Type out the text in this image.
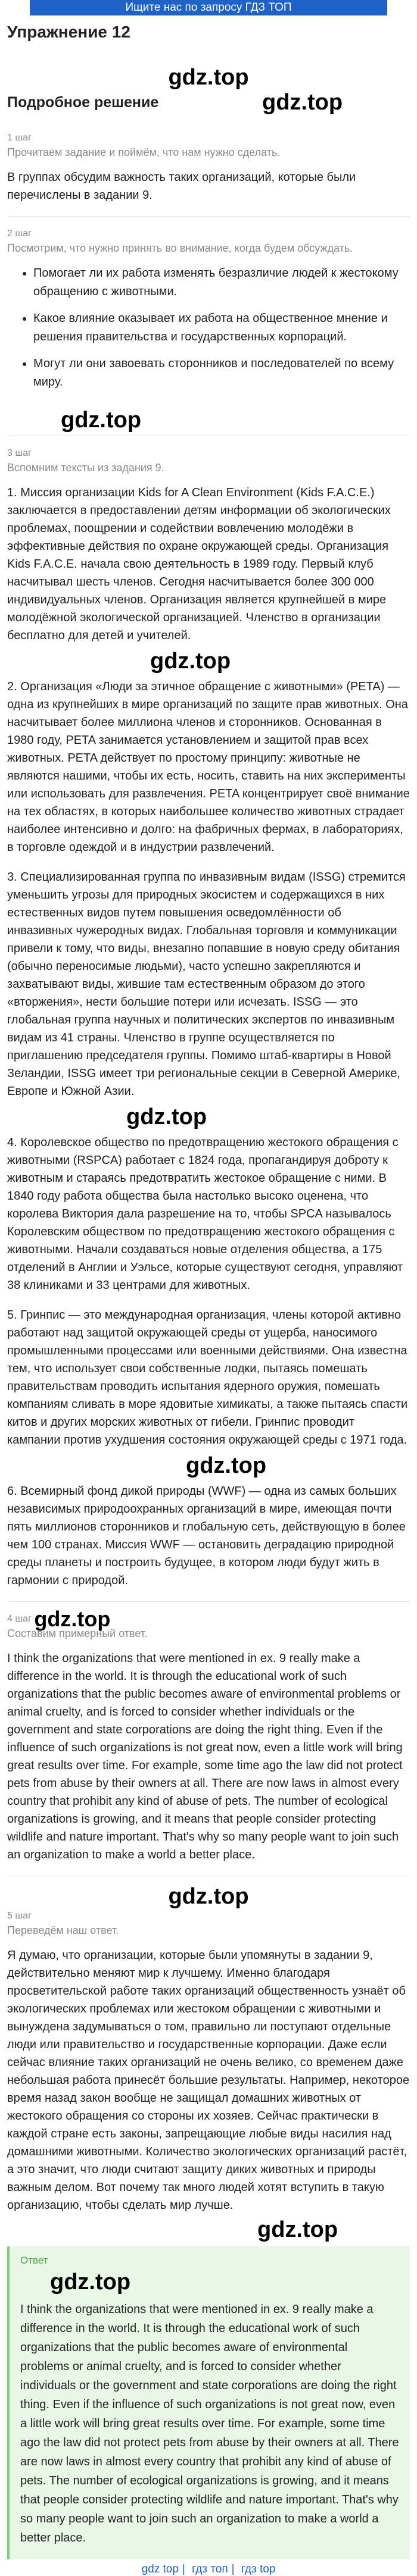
Ищите нас по запросу ГДЗ ТОП
Упражнение 12
gdz.top
Подробное решение	gdz.top
1 шаг
Прочитаем задание и поймём, что нам нужно сделать.

В группах обсудим важность таких организаций, которые были перечислены в задании 9.

2 шаг
Посмотрим, что нужно принять во внимание, когда будем обсуждать.
• Помогает ли их работа изменять безразличие людей к жестокому обращению с животными.
• Какое влияние оказывает их работа на общественное мнение и решения правительства и государственных корпораций.
• Могут ли они завоевать сторонников и последователей по всему миру.
gdz.top
3 шаг
Вспомним тексты из задания 9.

1. Миссия организации Kids for A Clean Environment (Kids F.A.C.E.) заключается в предоставлении детям информации об экологических проблемах, поощрении и содействии вовлечению молодёжи в эффективные действия по охране окружающей среды. Организация Kids F.A.C.E. начала свою деятельность в 1989 году. Первый клуб насчитывал шесть членов. Сегодня насчитывается более 300 000 индивидуальных членов. Организация является крупнейшей в мире молодёжной экологической организацией. Членство в организации бесплатно для детей и учителей.

gdz.top

2. Организация «Люди за этичное обращение с животными» (PETA) — одна из крупнейших в мире организаций по защите прав животных. Она насчитывает более миллиона членов и сторонников. Основанная в 1980 году, PETA занимается установлением и защитой прав всех животных. PETA действует по простому принципу: животные не являются нашими, чтобы их есть, носить, ставить на них эксперименты или использовать для развлечения. PETA концентрирует своё внимание на тех областях, в которых наибольшее количество животных страдает наиболее интенсивно и долго: на фабричных фермах, в лабораториях, в торговле одеждой и в индустрии развлечений.

3. Специализированная группа по инвазивным видам (ISSG) стремится уменьшить угрозы для природных экосистем и содержащихся в них естественных видов путем повышения осведомлённости об инвазивных чужеродных видах. Глобальная торговля и коммуникации привели к тому, что виды, внезапно попавшие в новую среду обитания (обычно переносимые людьми), часто успешно закрепляются и захватывают виды, жившие там естественным образом до этого «вторжения», нести большие потери или исчезать. ISSG — это глобальная группа научных и политических экспертов по инвазивным видам из 41 страны. Членство в группе осуществляется по приглашению председателя группы. Помимо штаб-квартиры в Новой Зеландии, ISSG имеет три региональные секции в Северной Америке, Европе и Южной Азии.

gdz.top

4. Королевское общество по предотвращению жестокого обращения с животными (RSPCA) работает с 1824 года, пропагандируя доброту к животным и стараясь предотвратить жестокое обращение с ними. В 1840 году работа общества была настолько высоко оценена, что королева Виктория дала разрешение на то, чтобы SPCA называлось Королевским обществом по предотвращению жестокого обращения с животными. Начали создаваться новые отделения общества, а 175 отделений в Англии и Уэльсе, которые существуют сегодня, управляют 38 клиниками и 33 центрами для животных.

5. Гринпис — это международная организация, члены которой активно работают над защитой окружающей среды от ущерба, наносимого промышленными процессами или военными действиями. Она известна тем, что использует свои собственные лодки, пытаясь помешать правительствам проводить испытания ядерного оружия, помешать компаниям сливать в море ядовитые химикаты, а также пытаясь спасти китов и других морских животных от гибели. Гринпис проводит кампании против ухудшения состояния окружающей среды с 1971 года.

gdz.top

6. Всемирный фонд дикой природы (WWF) — одна из самых больших независимых природоохранных организаций в мире, имеющая почти пять миллионов сторонников и глобальную сеть, действующую в более чем 100 странах. Миссия WWF — остановить деградацию природной среды планеты и построить будущее, в котором люди будут жить в гармонии с природой.

4 шаг gdz.top
Составим примерный ответ.

I think the organizations that were mentioned in ex. 9 really make a difference in the world. It is through the educational work of such organizations that the public becomes aware of environmental problems or animal cruelty, and is forced to consider whether individuals or the government and state corporations are doing the right thing. Even if the influence of such organizations is not great now, even a little work will bring great results over time. For example, some time ago the law did not protect pets from abuse by their owners at all. There are now laws in almost every country that prohibit any kind of abuse of pets. The number of ecological organizations is growing, and it means that people consider protecting wildlife and nature important. That's why so many people want to join such an organization to make a world a better place.

gdz.top
5 шаг
Переведём наш ответ.

Я думаю, что организации, которые были упомянуты в задании 9, действительно меняют мир к лучшему. Именно благодаря просветительской работе таких организаций общественность узнаёт об экологических проблемах или жестоком обращении с животными и вынуждена задумываться о том, правильно ли поступают отдельные люди или правительство и государственные корпорации. Даже если сейчас влияние таких организаций не очень велико, со временем даже небольшая работа принесёт большие результаты. Например, некоторое время назад закон вообще не защищал домашних животных от жестокого обращения со стороны их хозяев. Сейчас практически в каждой стране есть законы, запрещающие любые виды насилия над домашними животными. Количество экологических организаций растёт, а это значит, что люди считают защиту диких животных и природы важным делом. Вот почему так много людей хотят вступить в такую организацию, чтобы сделать мир лучше.

gdz.top
Ответ
gdz.top

I think the organizations that were mentioned in ex. 9 really make a difference in the world. It is through the educational work of such organizations that the public becomes aware of environmental problems or animal cruelty, and is forced to consider whether individuals or the government and state corporations are doing the right thing. Even if the influence of such organizations is not great now, even a little work will bring great results over time. For example, some time ago the law did not protect pets from abuse by their owners at all. There are now laws in almost every country that prohibit any kind of abuse of pets. The number of ecological organizations is growing, and it means that people consider protecting wildlife and nature important. That's why so many people want to join such an organization to make a world a better place.

gdz top | гдз топ | гдз top
